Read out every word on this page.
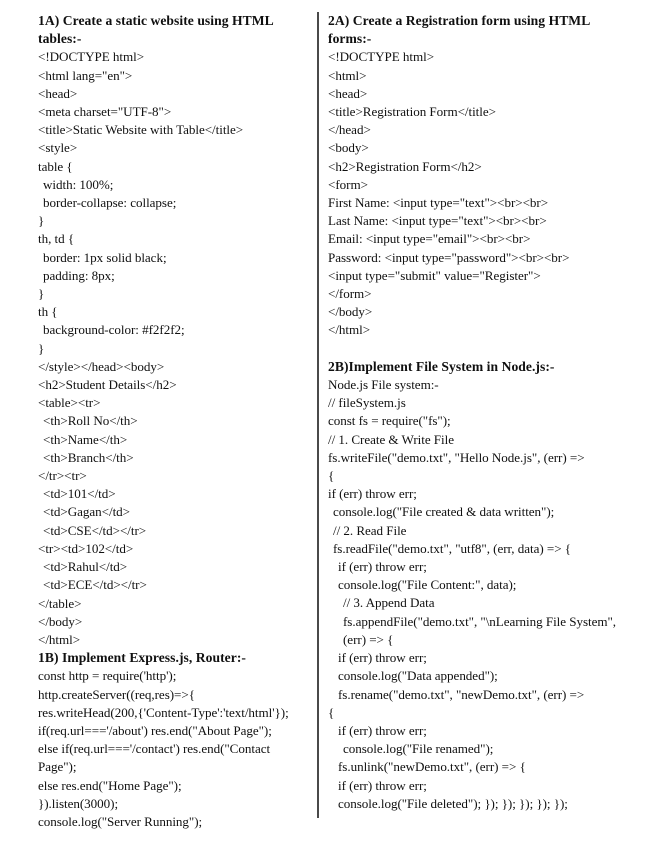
1A) Create a static website using HTML tables:-
<!DOCTYPE html>
<html lang="en">
<head>
<meta charset="UTF-8">
<title>Static Website with Table</title>
<style>
table {
width: 100%;
border-collapse: collapse;
}
th, td {
border: 1px solid black;
padding: 8px;
}
th {
background-color: #f2f2f2;
}
</style></head><body>
<h2>Student Details</h2>
<table><tr>
<th>Roll No</th>
<th>Name</th>
<th>Branch</th>
</tr><tr>
<td>101</td>
<td>Gagan</td>
<td>CSE</td></tr>
<tr><td>102</td>
<td>Rahul</td>
<td>ECE</td></tr>
</table>
</body>
</html>
1B) Implement Express.js, Router:-
const http = require('http');
http.createServer((req,res)=>{
res.writeHead(200,{'Content-Type':'text/html'});
if(req.url==='/about') res.end("About Page");
else if(req.url==='/contact') res.end("Contact Page");
else res.end("Home Page");
}).listen(3000);
console.log("Server Running");
2A) Create a Registration form using HTML forms:-
<!DOCTYPE html>
<html>
<head>
<title>Registration Form</title>
</head>
<body>
<h2>Registration Form</h2>
<form>
First Name: <input type="text"><br><br>
Last Name: <input type="text"><br><br>
Email: <input type="email"><br><br>
Password: <input type="password"><br><br>
<input type="submit" value="Register">
</form>
</body>
</html>
2B)Implement File System in Node.js:-
Node.js File system:-
// fileSystem.js
const fs = require("fs");
// 1. Create & Write File
fs.writeFile("demo.txt", "Hello Node.js", (err) =>
{
if (err) throw err;
console.log("File created & data written");
// 2. Read File
fs.readFile("demo.txt", "utf8", (err, data) => {
if (err) throw err;
console.log("File Content:", data);
// 3. Append Data
fs.appendFile("demo.txt", "\nLearning File System", (err) => {
if (err) throw err;
console.log("Data appended");
fs.rename("demo.txt", "newDemo.txt", (err) =>
{
if (err) throw err;
console.log("File renamed");
fs.unlink("newDemo.txt", (err) => {
if (err) throw err;
console.log("File deleted"); }); }); }); }); });
